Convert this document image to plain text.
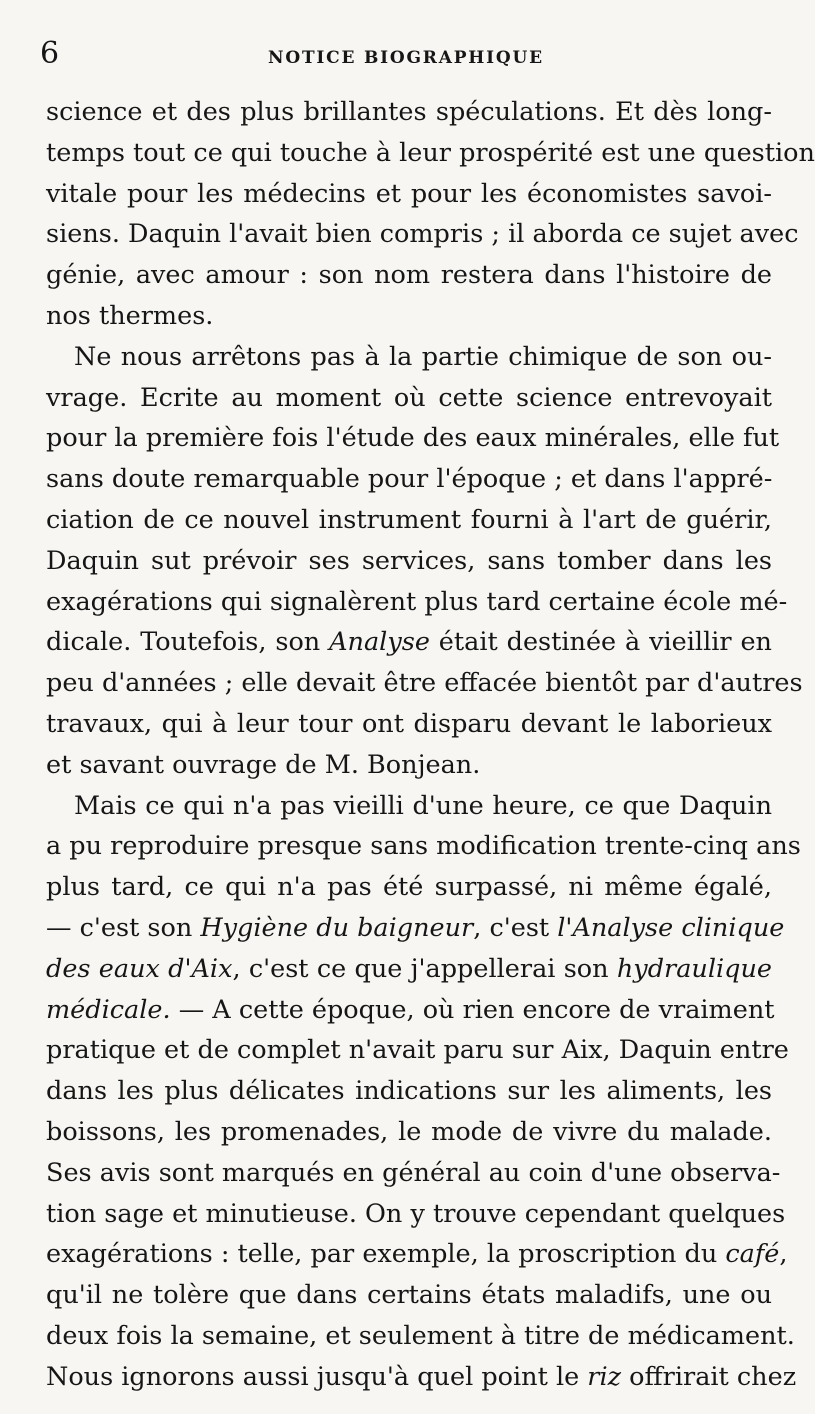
6	NOTICE BIOGRAPHIQUE
science et des plus brillantes spéculations. Et dès long-
temps tout ce qui touche à leur prospérité est une question
vitale pour les médecins et pour les économistes savoi-
siens. Daquin l'avait bien compris ; il aborda ce sujet avec
génie, avec amour : son nom restera dans l'histoire de
nos thermes.
Ne nous arrêtons pas à la partie chimique de son ou-
vrage. Ecrite au moment où cette science entrevoyait
pour la première fois l'étude des eaux minérales, elle fut
sans doute remarquable pour l'époque ; et dans l'appré-
ciation de ce nouvel instrument fourni à l'art de guérir,
Daquin sut prévoir ses services, sans tomber dans les
exagérations qui signalèrent plus tard certaine école mé-
dicale. Toutefois, son Analyse était destinée à vieillir en
peu d'années ; elle devait être effacée bientôt par d'autres
travaux, qui à leur tour ont disparu devant le laborieux
et savant ouvrage de M. Bonjean.
Mais ce qui n'a pas vieilli d'une heure, ce que Daquin
a pu reproduire presque sans modification trente-cinq ans
plus tard, ce qui n'a pas été surpassé, ni même égalé,
— c'est son Hygiène du baigneur, c'est l'Analyse clinique
des eaux d'Aix, c'est ce que j'appellerai son hydraulique
médicale. — A cette époque, où rien encore de vraiment
pratique et de complet n'avait paru sur Aix, Daquin entre
dans les plus délicates indications sur les aliments, les
boissons, les promenades, le mode de vivre du malade.
Ses avis sont marqués en général au coin d'une observa-
tion sage et minutieuse. On y trouve cependant quelques
exagérations : telle, par exemple, la proscription du café,
qu'il ne tolère que dans certains états maladifs, une ou
deux fois la semaine, et seulement à titre de médicament.
Nous ignorons aussi jusqu'à quel point le riz offrirait chez
